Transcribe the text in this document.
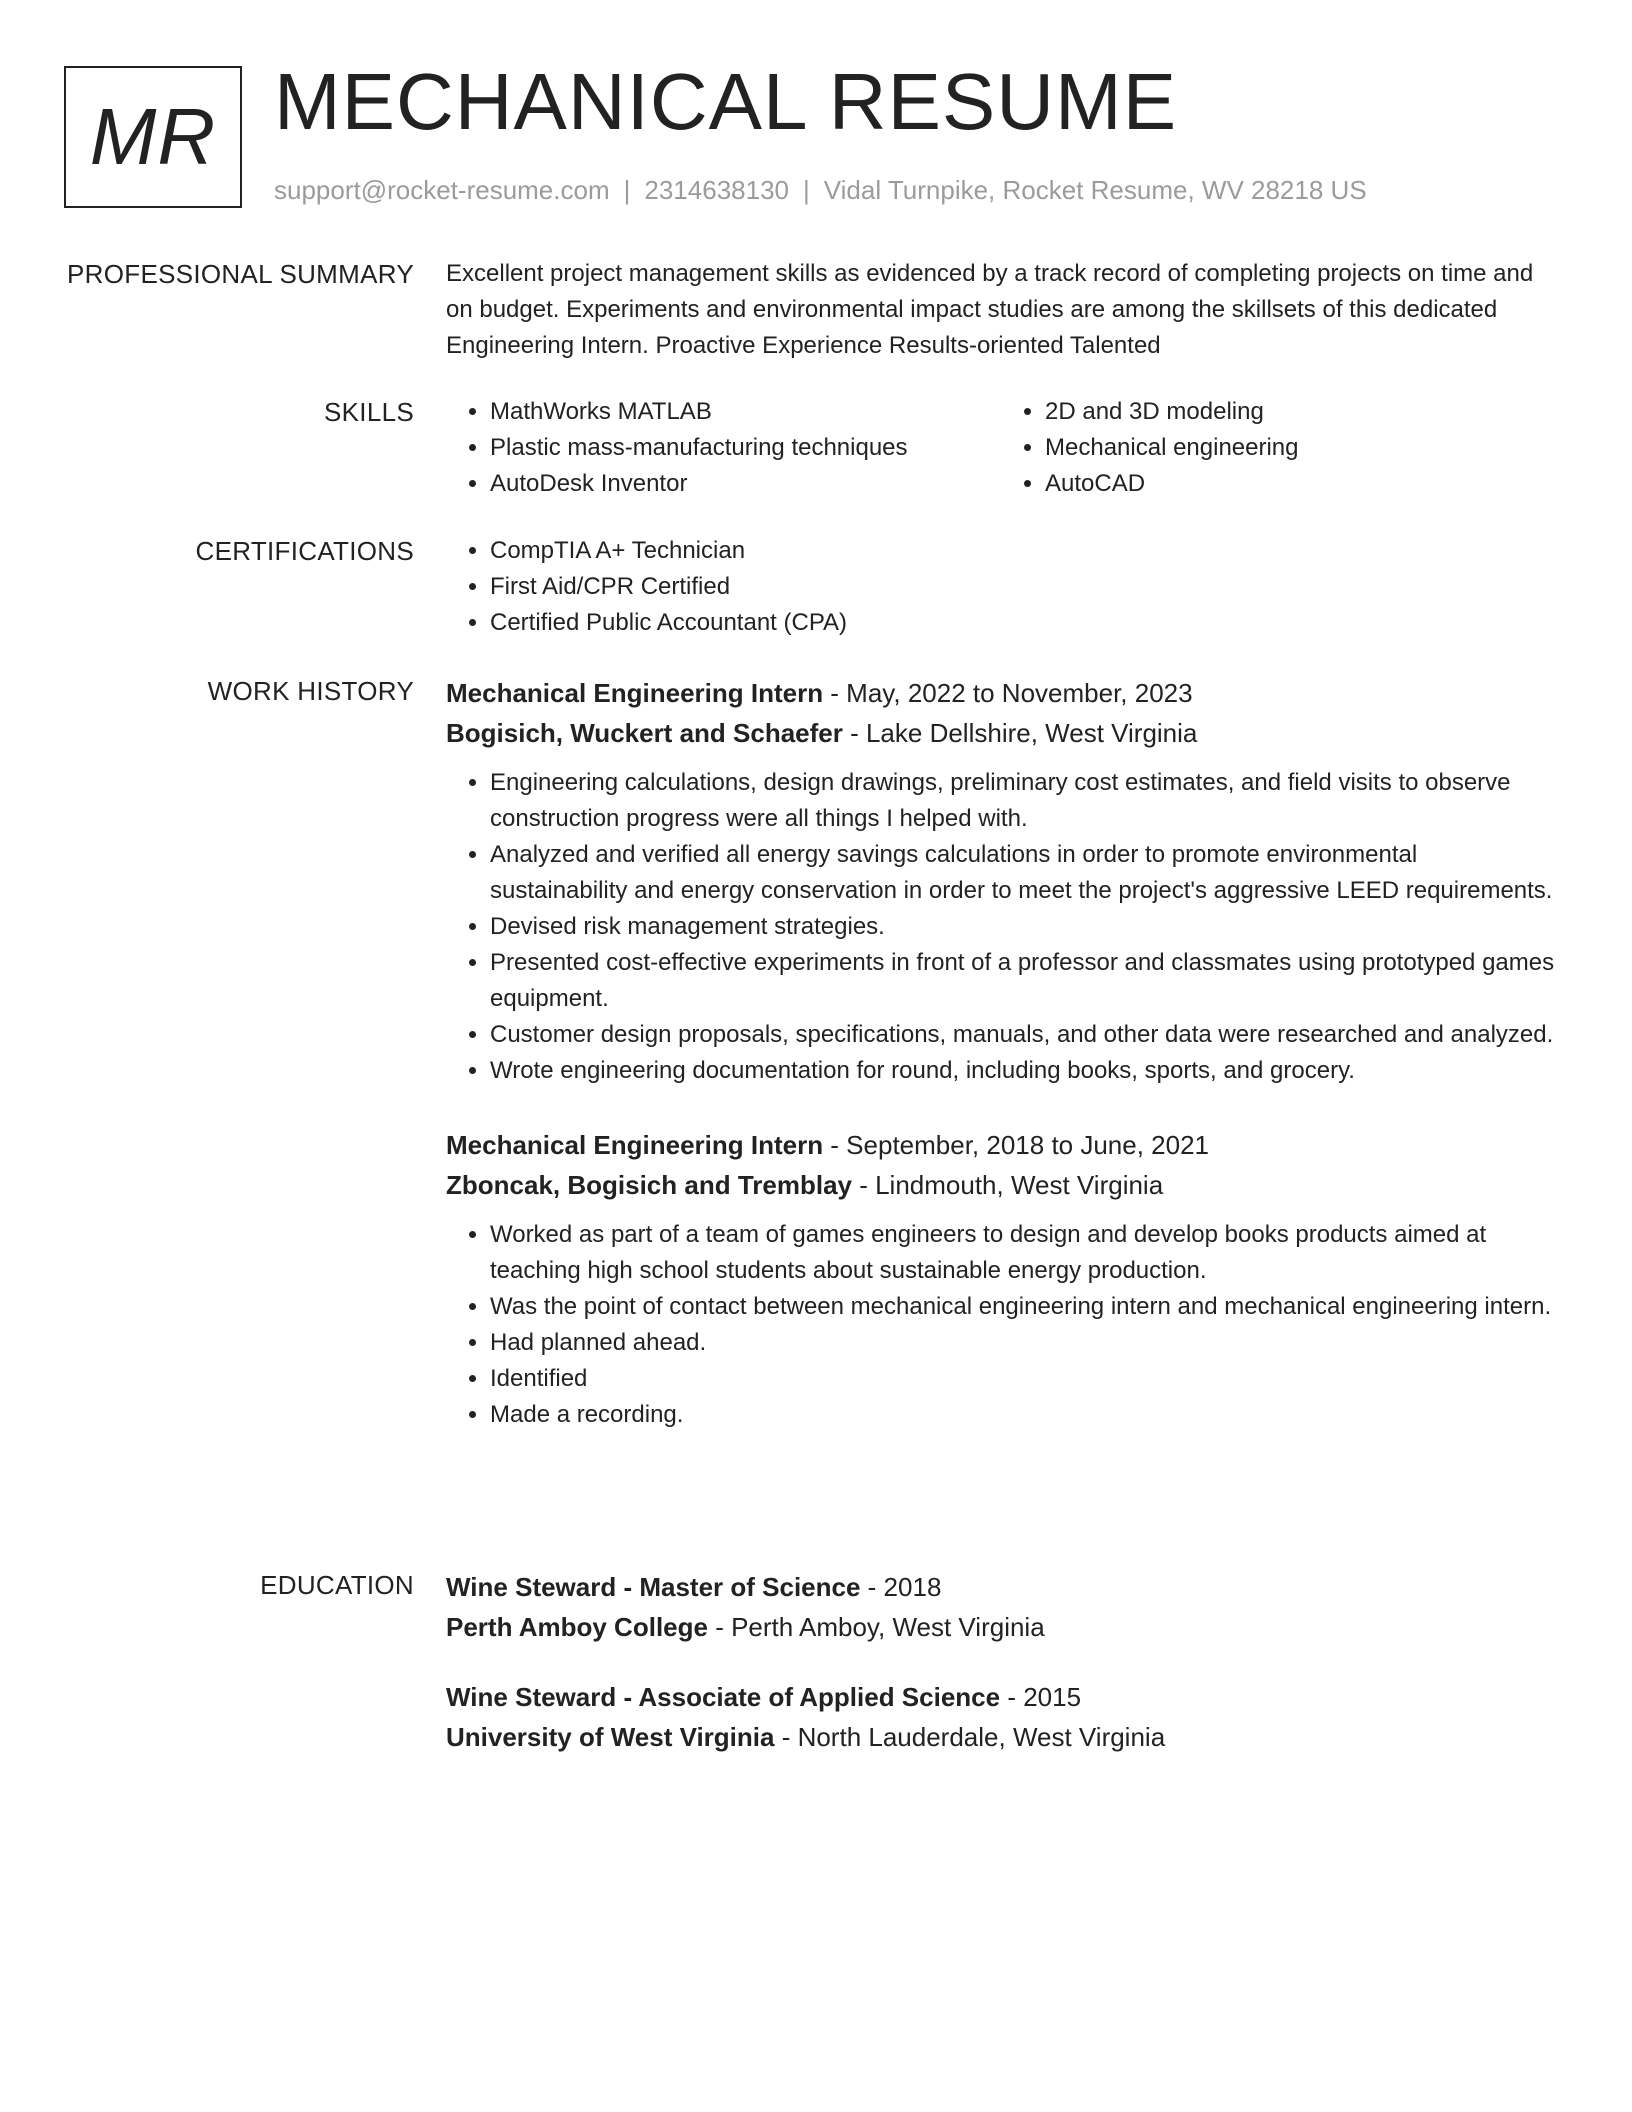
MR MECHANICAL RESUME
support@rocket-resume.com | 2314638130 | Vidal Turnpike, Rocket Resume, WV 28218 US
PROFESSIONAL SUMMARY Excellent project management skills as evidenced by a track record of completing projects on time and on budget. Experiments and environmental impact studies are among the skillsets of this dedicated Engineering Intern. Proactive Experience Results-oriented Talented

SKILLS	• MathWorks MATLAB
• Plastic mass-manufacturing techniques
• AutoDesk Inventor
• 2D and 3D modeling
• Mechanical engineering
• AutoCAD
CERTIFICATIONS	• CompTIA A+ Technician
• First Aid/CPR Certified
• Certified Public Accountant (CPA)
WORK HISTORY Mechanical Engineering Intern - May, 2022 to November, 2023
Bogisich, Wuckert and Schaefer - Lake Dellshire, West Virginia
• Engineering calculations, design drawings, preliminary cost estimates, and field visits to observe construction progress were all things I helped with.
• Analyzed and verified all energy savings calculations in order to promote environmental sustainability and energy conservation in order to meet the project's aggressive LEED requirements.
• Devised risk management strategies.
• Presented cost-effective experiments in front of a professor and classmates using prototyped games equipment.
• Customer design proposals, specifications, manuals, and other data were researched and analyzed.
• Wrote engineering documentation for round, including books, sports, and grocery.
Mechanical Engineering Intern - September, 2018 to June, 2021
Zboncak, Bogisich and Tremblay - Lindmouth, West Virginia
• Worked as part of a team of games engineers to design and develop books products aimed at teaching high school students about sustainable energy production.
• Was the point of contact between mechanical engineering intern and mechanical engineering intern.
• Had planned ahead.
• Identified
• Made a recording.
EDUCATION Wine Steward - Master of Science - 2018
Perth Amboy College - Perth Amboy, West Virginia
Wine Steward - Associate of Applied Science - 2015
University of West Virginia - North Lauderdale, West Virginia
